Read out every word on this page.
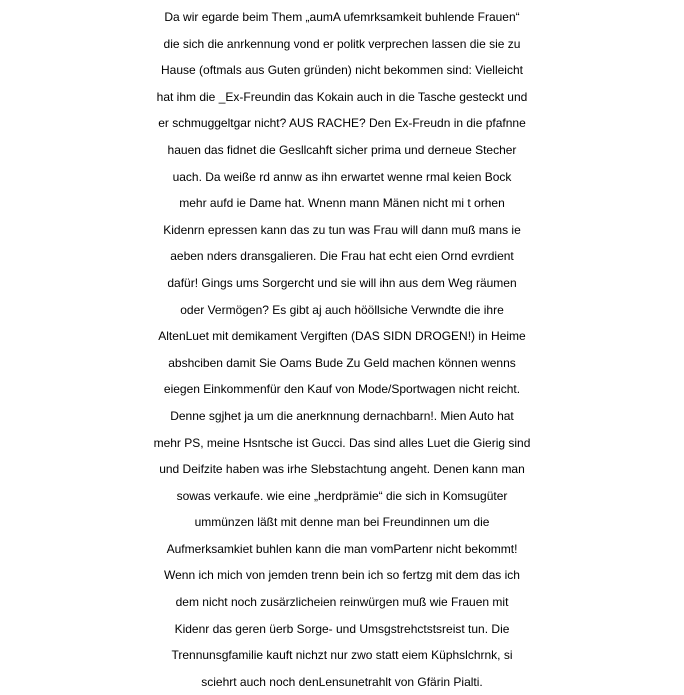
Da wir egarde beim Them „aumA ufemrksamkeit buhlende Frauen“
die sich die anrkennung vond er politk verprechen lassen die sie zu
Hause (oftmals aus Guten gründen) nicht bekommen sind: Vielleicht
hat ihm die _Ex-Freundin das Kokain auch in die Tasche gesteckt und
er schmuggeltgar nicht? AUS RACHE? Den Ex-Freudn in die pfafnne
hauen das fidnet die Gesllcahft sicher prima und derneue Stecher
uach. Da weiße rd annw as ihn erwartet wenne rmal keien Bock
mehr aufd ie Dame hat. Wnenn mann Mänen nicht mi t orhen
Kidenrn epressen kann das zu tun was Frau will dann muß mans ie
aeben nders dransgalieren. Die Frau hat echt eien Ornd evrdient
dafür! Gings ums Sorgercht und sie will ihn aus dem Weg räumen
oder Vermögen? Es gibt aj auch hööllsiche Verwndte die ihre
AltenLuet mit demikament Vergiften (DAS SIDN DROGEN!) in Heime
abshciben damit Sie Oams Bude Zu Geld machen können wenns
eiegen Einkommenfür den Kauf von Mode/Sportwagen nicht reicht.
Denne sgjhet ja um die anerknnung dernachbarn!. Mien Auto hat
mehr PS, meine Hsntsche ist Gucci. Das sind alles Luet die Gierig sind
und Deifzite haben was irhe Slebstachtung angeht. Denen kann man
sowas verkaufe. wie eine „herdprämie“ die sich in Komsugüter
ummünzen läßt mit denne man bei Freundinnen um die
Aufmerksamkiet buhlen kann die man vomPartenr nicht bekommt!
Wenn ich mich von jemden trenn bein ich so fertzg mit dem das ich
dem nicht noch zusärzlicheien reinwürgen muß wie Frauen mit
Kidenr das geren üerb Sorge- und Umsgstrehctstsreist tun. Die
Trennunsgfamilie kauft nichzt nur zwo statt eiem Küphslchrnk, si
sciehrt auch noch denLensunetrahlt von Gfärin Pialti.
